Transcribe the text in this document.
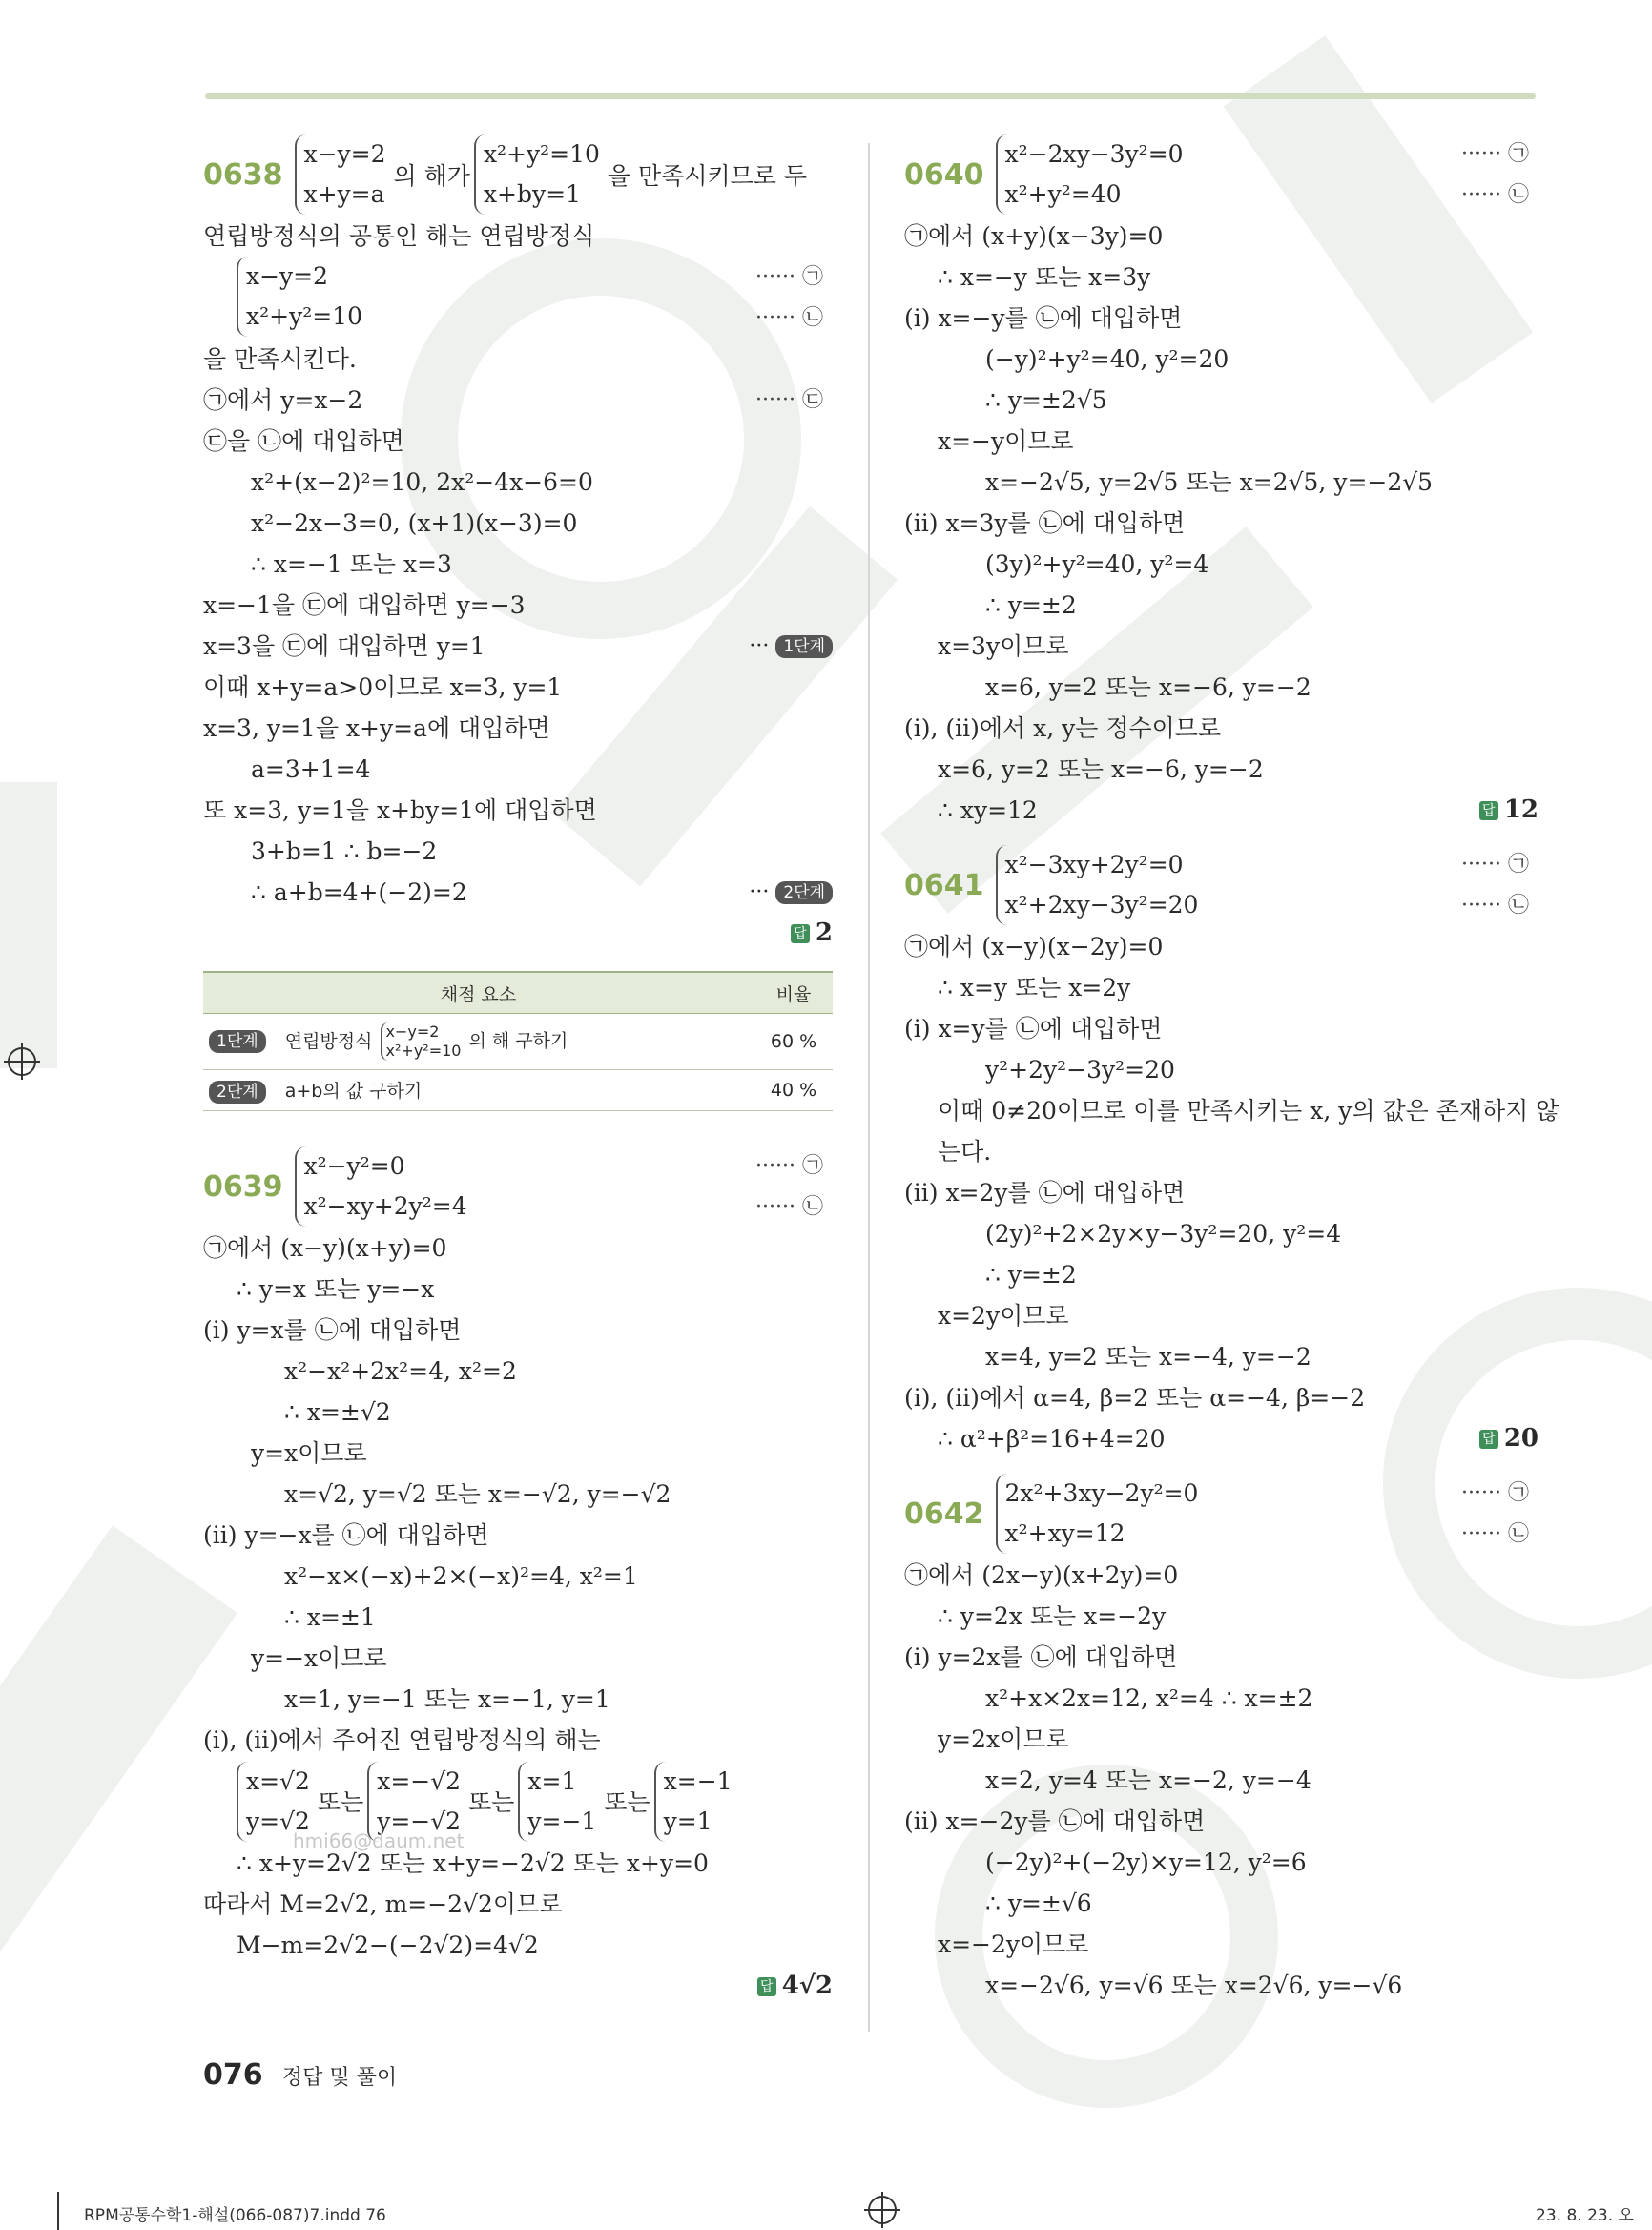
0638
x−y=2
x+y=a
의 해가
x²+y²=10
x+by=1
을 만족시키므로 두
연립방정식의 공통인 해는 연립방정식
x−y=2
x²+y²=10
······ ㉠
······ ㉡
을 만족시킨다.
㉠에서 y=x−2	······ ㉢
㉢을 ㉡에 대입하면
x²+(x−2)²=10, 2x²−4x−6=0
x²−2x−3=0, (x+1)(x−3)=0
∴ x=−1 또는 x=3
x=−1을 ㉢에 대입하면 y=−3
x=3을 ㉢에 대입하면 y=1	··· 1단계
이때 x+y=a>0이므로 x=3, y=1
x=3, y=1을 x+y=a에 대입하면
a=3+1=4
또 x=3, y=1을 x+by=1에 대입하면
3+b=1 ∴ b=−2
∴ a+b=4+(−2)=2	··· 2단계
답 2
채점 요소	비율
1단계 연립방정식 x−y=2
x²+y²=10 의 해 구하기	60 %
2단계 a+b의 값 구하기	40 %
0639
x²−y²=0
x²−xy+2y²=4
······ ㉠
······ ㉡
㉠에서 (x−y)(x+y)=0
∴ y=x 또는 y=−x
(i) y=x를 ㉡에 대입하면
x²−x²+2x²=4, x²=2
∴ x=±√2
y=x이므로
x=√2, y=√2 또는 x=−√2, y=−√2
(ii) y=−x를 ㉡에 대입하면
x²−x×(−x)+2×(−x)²=4, x²=1
∴ x=±1
y=−x이므로
x=1, y=−1 또는 x=−1, y=1
(i), (ii)에서 주어진 연립방정식의 해는
x=√2
y=√2
또는
x=−√2
y=−√2
또는
x=1
y=−1
또는
x=−1
y=1
∴ x+y=2√2 또는 x+y=−2√2 또는 x+y=0
따라서 M=2√2, m=−2√2이므로
M−m=2√2−(−2√2)=4√2
답 4√2
0640
x²−2xy−3y²=0
x²+y²=40
······ ㉠
······ ㉡
㉠에서 (x+y)(x−3y)=0
∴ x=−y 또는 x=3y
(i) x=−y를 ㉡에 대입하면
(−y)²+y²=40, y²=20
∴ y=±2√5
x=−y이므로
x=−2√5, y=2√5 또는 x=2√5, y=−2√5
(ii) x=3y를 ㉡에 대입하면
(3y)²+y²=40, y²=4
∴ y=±2
x=3y이므로
x=6, y=2 또는 x=−6, y=−2
(i), (ii)에서 x, y는 정수이므로
x=6, y=2 또는 x=−6, y=−2
∴ xy=12	답 12
0641
x²−3xy+2y²=0
x²+2xy−3y²=20
······ ㉠
······ ㉡
㉠에서 (x−y)(x−2y)=0
∴ x=y 또는 x=2y
(i) x=y를 ㉡에 대입하면
y²+2y²−3y²=20
이때 0≠20이므로 이를 만족시키는 x, y의 값은 존재하지 않
는다.
(ii) x=2y를 ㉡에 대입하면
(2y)²+2×2y×y−3y²=20, y²=4
∴ y=±2
x=2y이므로
x=4, y=2 또는 x=−4, y=−2
(i), (ii)에서 α=4, β=2 또는 α=−4, β=−2
∴ α²+β²=16+4=20	답 20
0642
2x²+3xy−2y²=0
x²+xy=12
······ ㉠
······ ㉡
㉠에서 (2x−y)(x+2y)=0
∴ y=2x 또는 x=−2y
(i) y=2x를 ㉡에 대입하면
x²+x×2x=12, x²=4 ∴ x=±2
y=2x이므로
x=2, y=4 또는 x=−2, y=−4
(ii) x=−2y를 ㉡에 대입하면
(−2y)²+(−2y)×y=12, y²=6
∴ y=±√6
x=−2y이므로
x=−2√6, y=√6 또는 x=2√6, y=−√6
hmi66@daum.net
076 정답 및 풀이
RPM공통수학1-해설(066-087)7.indd 76	23. 8. 23. 오
